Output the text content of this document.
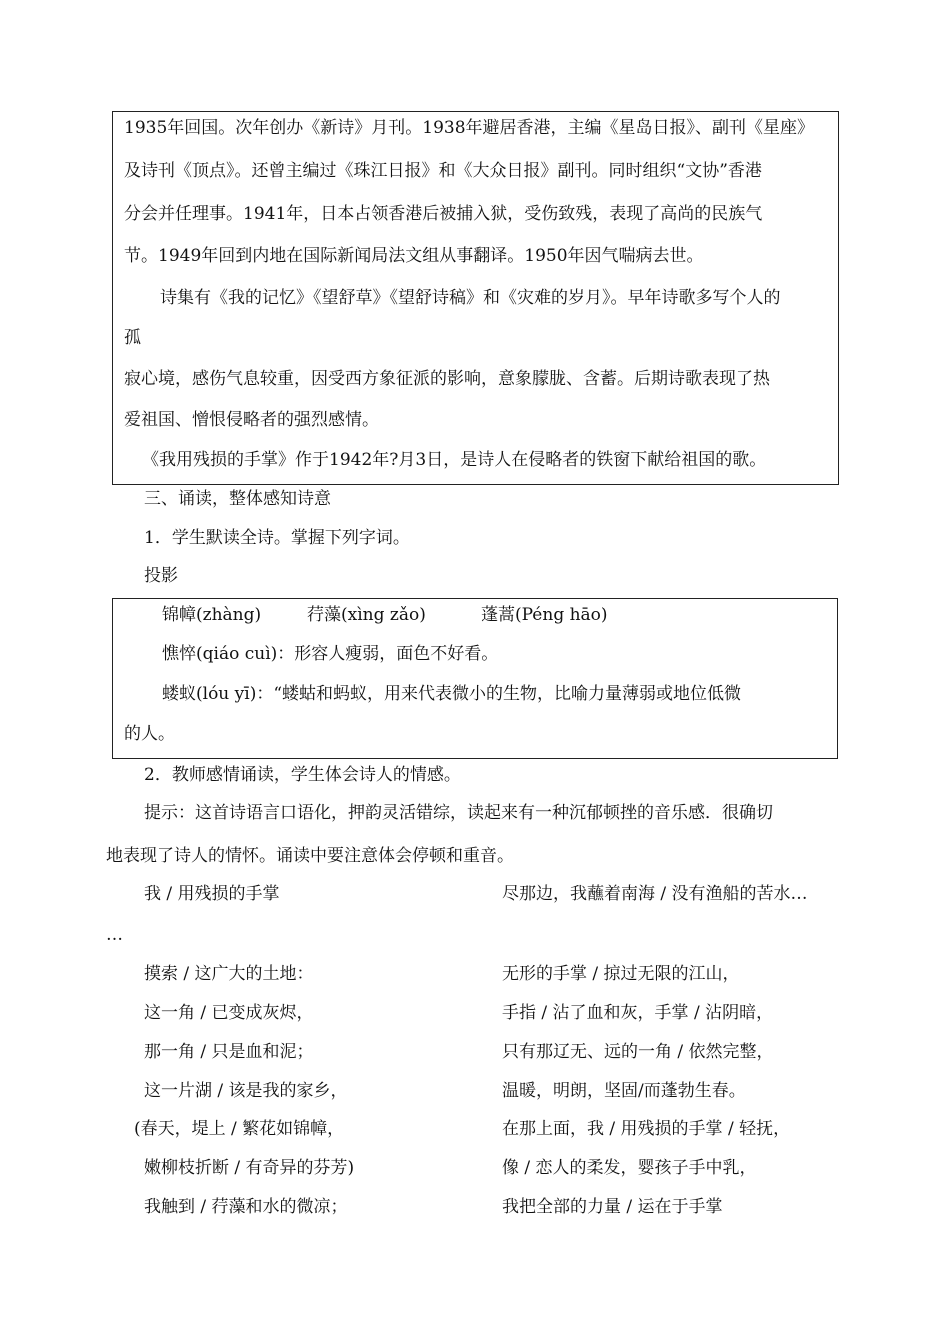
1935年回国。次年创办《新诗》月刊。1938年避居香港，主编《星岛日报》、副刊《星座》
及诗刊《顶点》。还曾主编过《珠江日报》和《大众日报》副刊。同时组织“文协”香港
分会并任理事。1941年，日本占领香港后被捕入狱，受伤致残，表现了高尚的民族气
节。1949年回到内地在国际新闻局法文组从事翻译。1950年因气喘病去世。
诗集有《我的记忆》《望舒草》《望舒诗稿》和《灾难的岁月》。早年诗歌多写个人的
孤
寂心境，感伤气息较重，因受西方象征派的影响，意象朦胧、含蓄。后期诗歌表现了热
爱祖国、憎恨侵略者的强烈感情。
《我用残损的手掌》作于1942年?月3日，是诗人在侵略者的铁窗下献给祖国的歌。
三、诵读，整体感知诗意
1．学生默读全诗。掌握下列字词。
投影
锦幛(zhàng)	荇藻(xìng zǎo)	蓬蒿(Péng hāo)
憔悴(qiáo cuì)：形容人瘦弱，面色不好看。
蝼蚁(lóu yī)：“蝼蛄和蚂蚁，用来代表微小的生物，比喻力量薄弱或地位低微
的人。
2．教师感情诵读，学生体会诗人的情感。
提示：这首诗语言口语化，押韵灵活错综，读起来有一种沉郁顿挫的音乐感．很确切
地表现了诗人的情怀。诵读中要注意体会停顿和重音。
我 / 用残损的手掌
摸索 / 这广大的土地：
这一角 / 已变成灰烬，
那一角 / 只是血和泥；
这一片湖 / 该是我的家乡，
(春天，堤上 / 繁花如锦幛，
嫩柳枝折断 / 有奇异的芬芳)
我触到 / 荇藻和水的微凉；
尽那边，我蘸着南海 / 没有渔船的苦水…
…
无形的手掌 / 掠过无限的江山，
手指 / 沾了血和灰，手掌 / 沾阴暗，
只有那辽无、远的一角 / 依然完整，
温暖，明朗，坚固/而蓬勃生春。
在那上面，我 / 用残损的手掌 / 轻抚，
像 / 恋人的柔发，婴孩子手中乳，
我把全部的力量 / 运在于手掌
